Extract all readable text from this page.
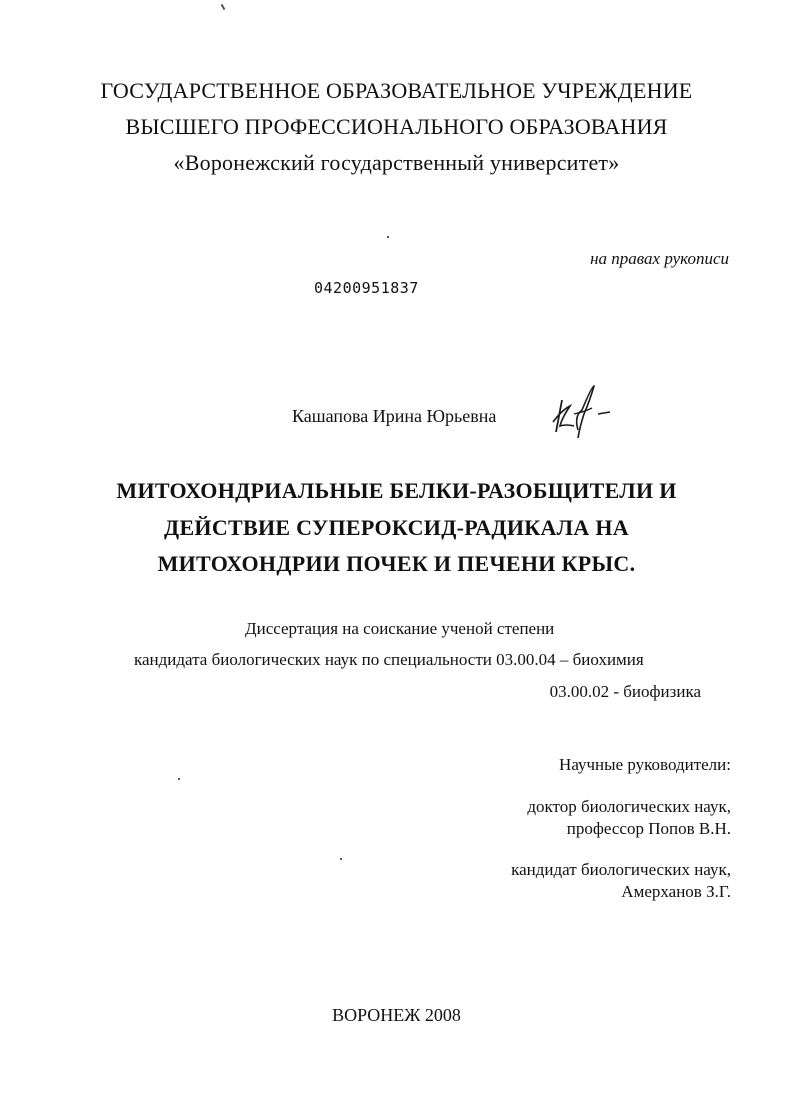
ГОСУДАРСТВЕННОЕ ОБРАЗОВАТЕЛЬНОЕ УЧРЕЖДЕНИЕ
ВЫСШЕГО ПРОФЕССИОНАЛЬНОГО ОБРАЗОВАНИЯ
«Воронежский государственный университет»
на правах рукописи
04200951837
Кашапова Ирина Юрьевна
МИТОХОНДРИАЛЬНЫЕ БЕЛКИ-РАЗОБЩИТЕЛИ И
ДЕЙСТВИЕ СУПЕРОКСИД-РАДИКАЛА НА
МИТОХОНДРИИ ПОЧЕК И ПЕЧЕНИ КРЫС.
Диссертация на соискание ученой степени
кандидата биологических наук по специальности 03.00.04 – биохимия
03.00.02 - биофизика
Научные руководители:
доктор биологических наук,
профессор Попов В.Н.
кандидат биологических наук,
Амерханов З.Г.
ВОРОНЕЖ 2008
